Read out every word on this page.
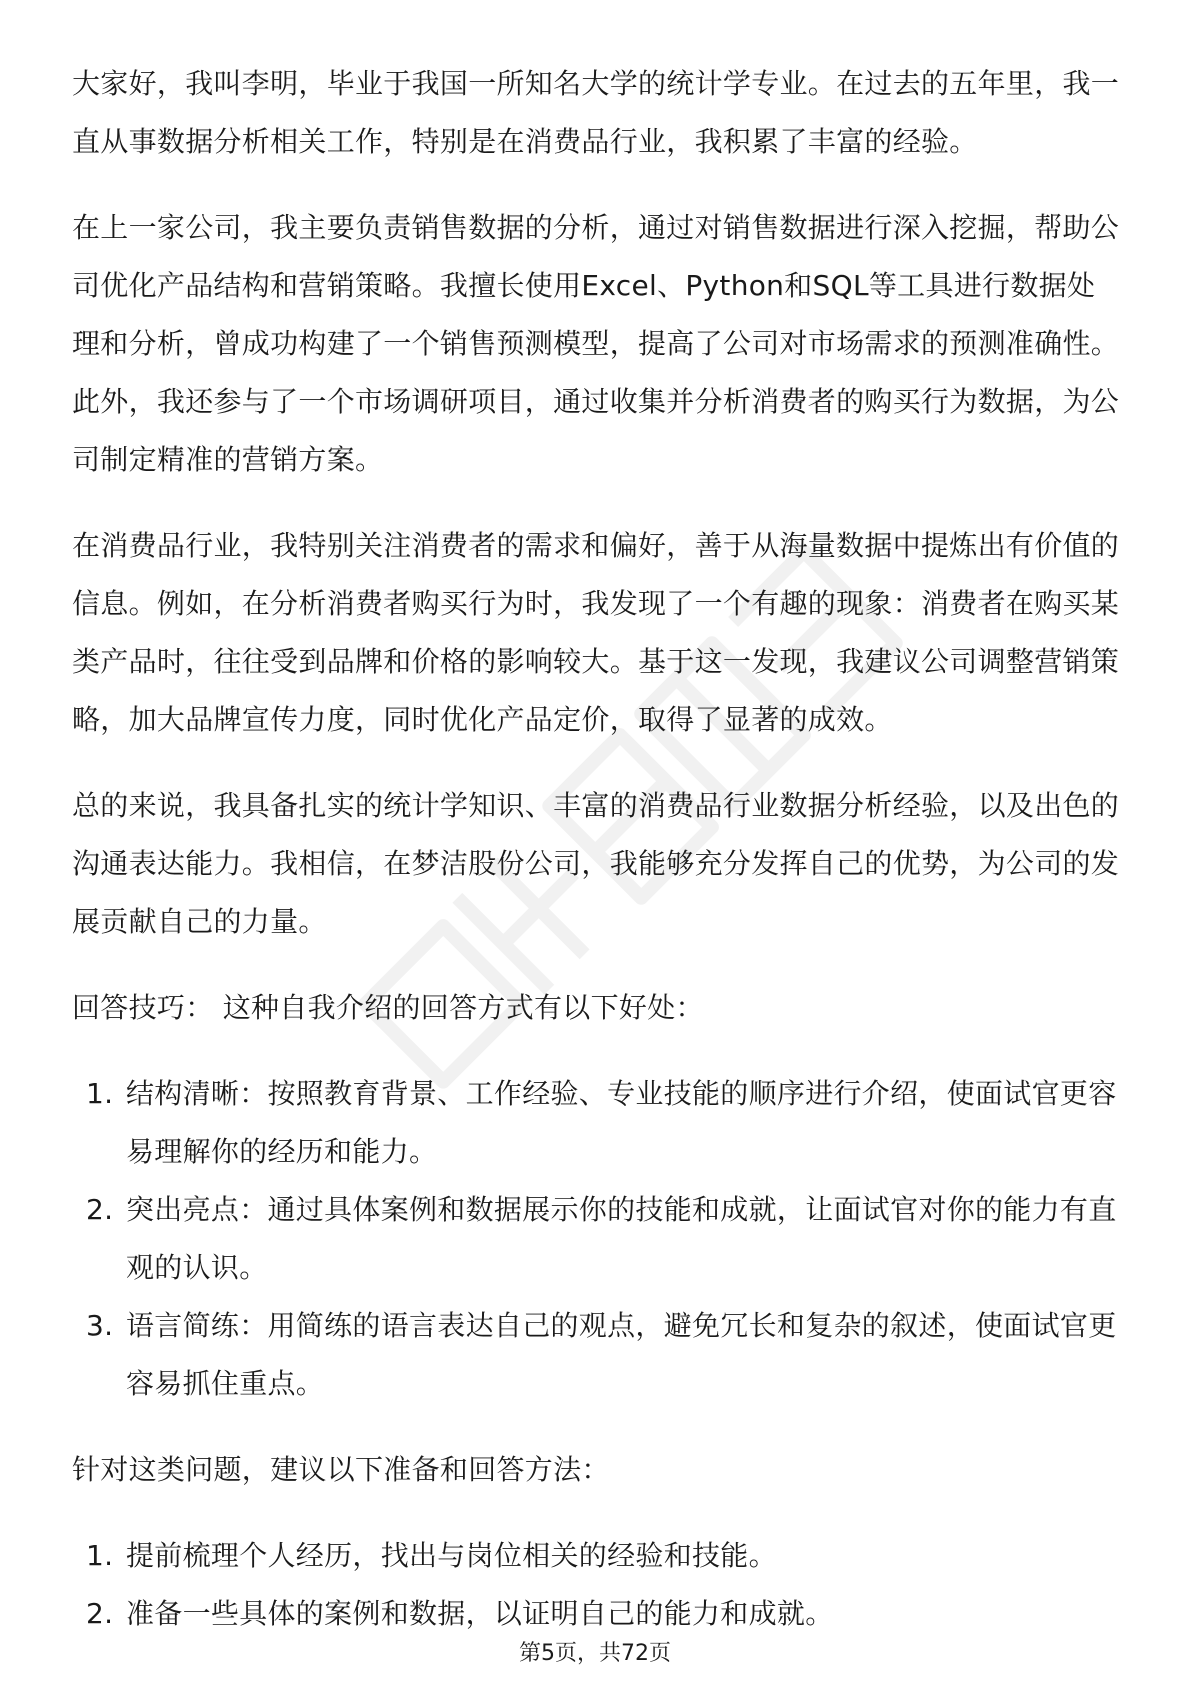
大家好，我叫李明，毕业于我国一所知名大学的统计学专业。在过去的五年里，我一直从事数据分析相关工作，特别是在消费品行业，我积累了丰富的经验。

在上一家公司，我主要负责销售数据的分析，通过对销售数据进行深入挖掘，帮助公司优化产品结构和营销策略。我擅长使用Excel、Python和SQL等工具进行数据处理和分析，曾成功构建了一个销售预测模型，提高了公司对市场需求的预测准确性。此外，我还参与了一个市场调研项目，通过收集并分析消费者的购买行为数据，为公司制定精准的营销方案。

在消费品行业，我特别关注消费者的需求和偏好，善于从海量数据中提炼出有价值的信息。例如，在分析消费者购买行为时，我发现了一个有趣的现象：消费者在购买某类产品时，往往受到品牌和价格的影响较大。基于这一发现，我建议公司调整营销策略，加大品牌宣传力度，同时优化产品定价，取得了显著的成效。

总的来说，我具备扎实的统计学知识、丰富的消费品行业数据分析经验，以及出色的沟通表达能力。我相信，在梦洁股份公司，我能够充分发挥自己的优势，为公司的发展贡献自己的力量。

回答技巧： 这种自我介绍的回答方式有以下好处：

1. 结构清晰：按照教育背景、工作经验、专业技能的顺序进行介绍，使面试官更容易理解你的经历和能力。
2. 突出亮点：通过具体案例和数据展示你的技能和成就，让面试官对你的能力有直观的认识。
3. 语言简练：用简练的语言表达自己的观点，避免冗长和复杂的叙述，使面试官更容易抓住重点。

针对这类问题，建议以下准备和回答方法：

1. 提前梳理个人经历，找出与岗位相关的经验和技能。
2. 准备一些具体的案例和数据，以证明自己的能力和成就。
第5页，共72页
